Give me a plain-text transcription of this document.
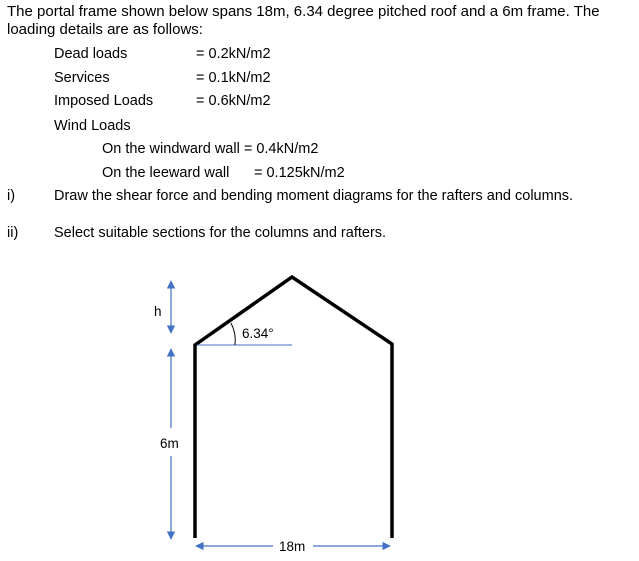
The portal frame shown below spans 18m, 6.34 degree pitched roof and a 6m frame. The loading details are as follows:

Dead loads	= 0.2kN/m2
Services	= 0.1kN/m2
Imposed Loads	= 0.6kN/m2
Wind Loads
On the windward wall = 0.4kN/m2
On the leeward wall = 0.125kN/m2
i)	Draw the shear force and bending moment diagrams for the rafters and columns.
ii) Select suitable sections for the columns and rafters.
h
6.34°
6m
18m
